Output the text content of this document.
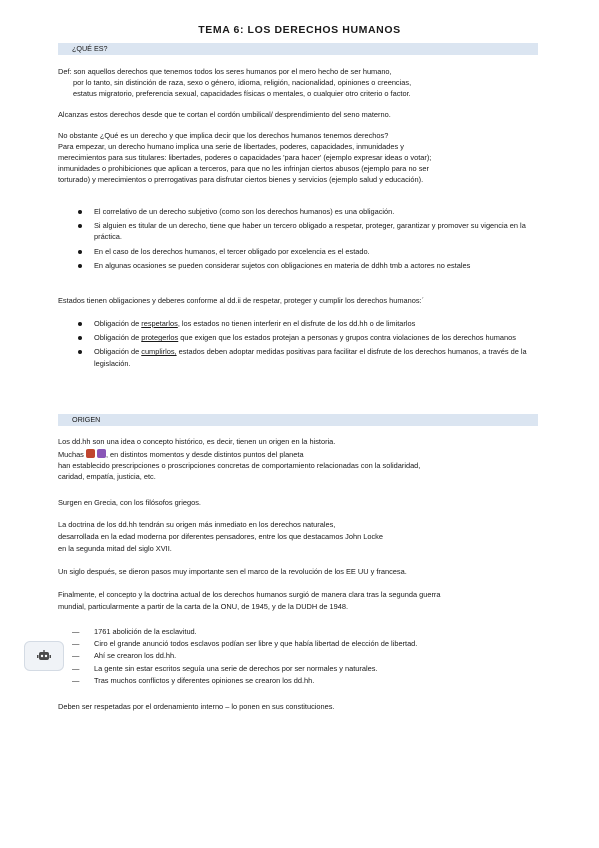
TEMA 6: LOS DERECHOS HUMANOS
¿QUÉ ES?
Def: son aquellos derechos que tenemos todos los seres humanos por el mero hecho de ser humano,
por lo tanto, sin distinción de raza, sexo o género, idioma, religión, nacionalidad, opiniones o creencias,
estatus migratorio, preferencia sexual, capacidades físicas o mentales, o cualquier otro criterio o factor.
Alcanzas estos derechos desde que te cortan el cordón umbilical/ desprendimiento del seno materno.
No obstante ¿Qué es un derecho y que implica decir que los derechos humanos tenemos derechos?
Para empezar, un derecho humano implica una serie de libertades, poderes, capacidades, inmunidades y
merecimientos para sus titulares: libertades, poderes o capacidades 'para hacer' (ejemplo expresar ideas o votar);
inmunidades o prohibiciones que aplican a terceros, para que no les infrinjan ciertos abusos (ejemplo para no ser
torturado) y merecimientos o prerrogativas para disfrutar ciertos bienes y servicios (ejemplo salud y educación).
El correlativo de un derecho subjetivo (como son los derechos humanos) es una obligación.
Si alguien es titular de un derecho, tiene que haber un tercero obligado a respetar, proteger, garantizar y promover su vigencia en la práctica.
En el caso de los derechos humanos, el tercer obligado por excelencia es el estado.
En algunas ocasiones se pueden considerar sujetos con obligaciones en materia de ddhh tmb a actores no estales
Estados tienen obligaciones y deberes conforme al dd.ii de respetar, proteger y cumplir los derechos humanos:´
Obligación de respetarlos, los estados no tienen interferir en el disfrute de los dd.hh o de limitarlos
Obligación de protegerlos que exigen que los estados protejan a personas y grupos contra violaciones de los derechos humanos
Obligación de cumplirlos, estados deben adoptar medidas positivas para facilitar el disfrute de los derechos humanos, a través de la legislación.
ORIGEN
Los dd.hh son una idea o concepto histórico, es decir, tienen un origen en la historia.
Muchas	, en distintos momentos y desde distintos puntos del planeta
han establecido prescripciones o proscripciones concretas de comportamiento relacionadas con la solidaridad,
caridad, empatía, justicia, etc.
Surgen en Grecia, con los filósofos griegos.
La doctrina de los dd.hh tendrán su origen más inmediato en los derechos naturales,
desarrollada en la edad moderna por diferentes pensadores, entre los que destacamos John Locke
en la segunda mitad del siglo XVII.
Un siglo después, se dieron pasos muy importante sen el marco de la revolución de los EE UU y francesa.
Finalmente, el concepto y la doctrina actual de los derechos humanos surgió de manera clara tras la segunda guerra
mundial, particularmente a partir de la carta de la ONU, de 1945, y de la DUDH de 1948.
— 1761 abolición de la esclavitud.
— Ciro el grande anunció todos esclavos podían ser libre y que había libertad de elección de libertad.
— Ahí se crearon los dd.hh.
— La gente sin estar escritos seguía una serie de derechos por ser normales y naturales.
— Tras muchos conflictos y diferentes opiniones se crearon los dd.hh.
Deben ser respetadas por el ordenamiento interno – lo ponen en sus constituciones.
